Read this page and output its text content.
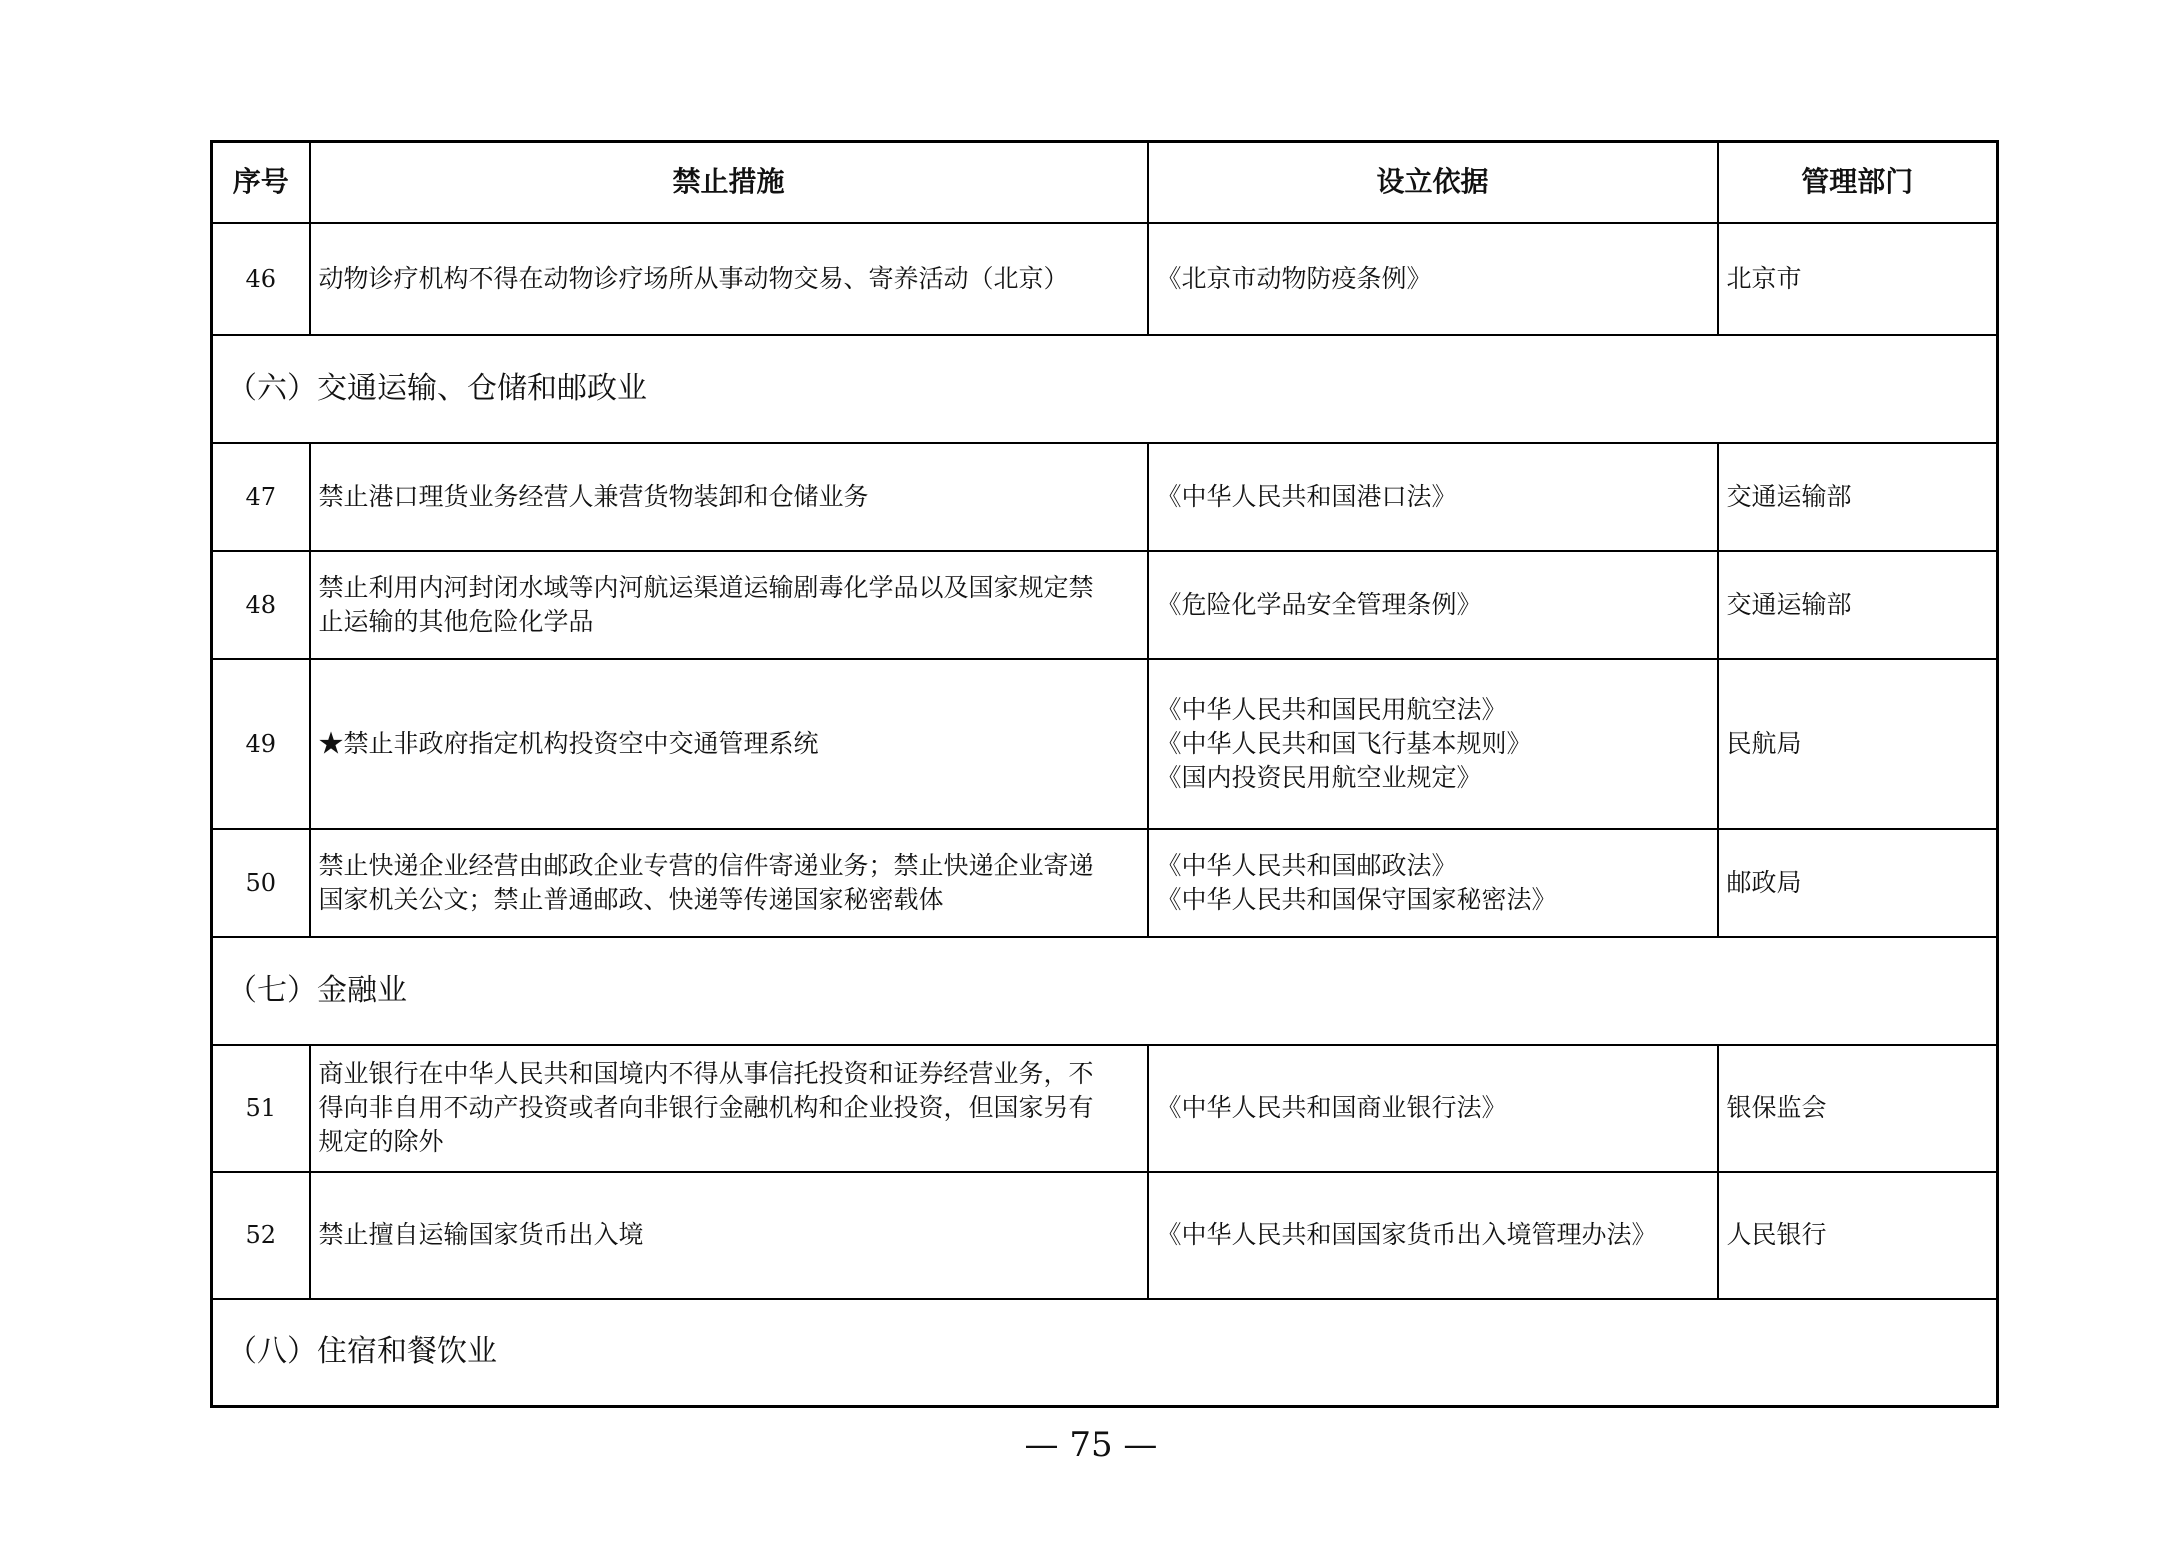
序号	禁止措施	设立依据	管理部门
46	动物诊疗机构不得在动物诊疗场所从事动物交易、寄养活动（北京）	《北京市动物防疫条例》	北京市
（六）交通运输、仓储和邮政业			
47	禁止港口理货业务经营人兼营货物装卸和仓储业务	《中华人民共和国港口法》	交通运输部
48	禁止利用内河封闭水域等内河航运渠道运输剧毒化学品以及国家规定禁
止运输的其他危险化学品	《危险化学品安全管理条例》	交通运输部
49	★禁止非政府指定机构投资空中交通管理系统	《中华人民共和国民用航空法》
《中华人民共和国飞行基本规则》
《国内投资民用航空业规定》	民航局
50	禁止快递企业经营由邮政企业专营的信件寄递业务；禁止快递企业寄递
国家机关公文；禁止普通邮政、快递等传递国家秘密载体	《中华人民共和国邮政法》
《中华人民共和国保守国家秘密法》	邮政局
（七）金融业			
51	商业银行在中华人民共和国境内不得从事信托投资和证券经营业务，不
得向非自用不动产投资或者向非银行金融机构和企业投资，但国家另有
规定的除外	《中华人民共和国商业银行法》	银保监会
52	禁止擅自运输国家货币出入境	《中华人民共和国国家货币出入境管理办法》	人民银行
（八）住宿和餐饮业			
— 75 —
